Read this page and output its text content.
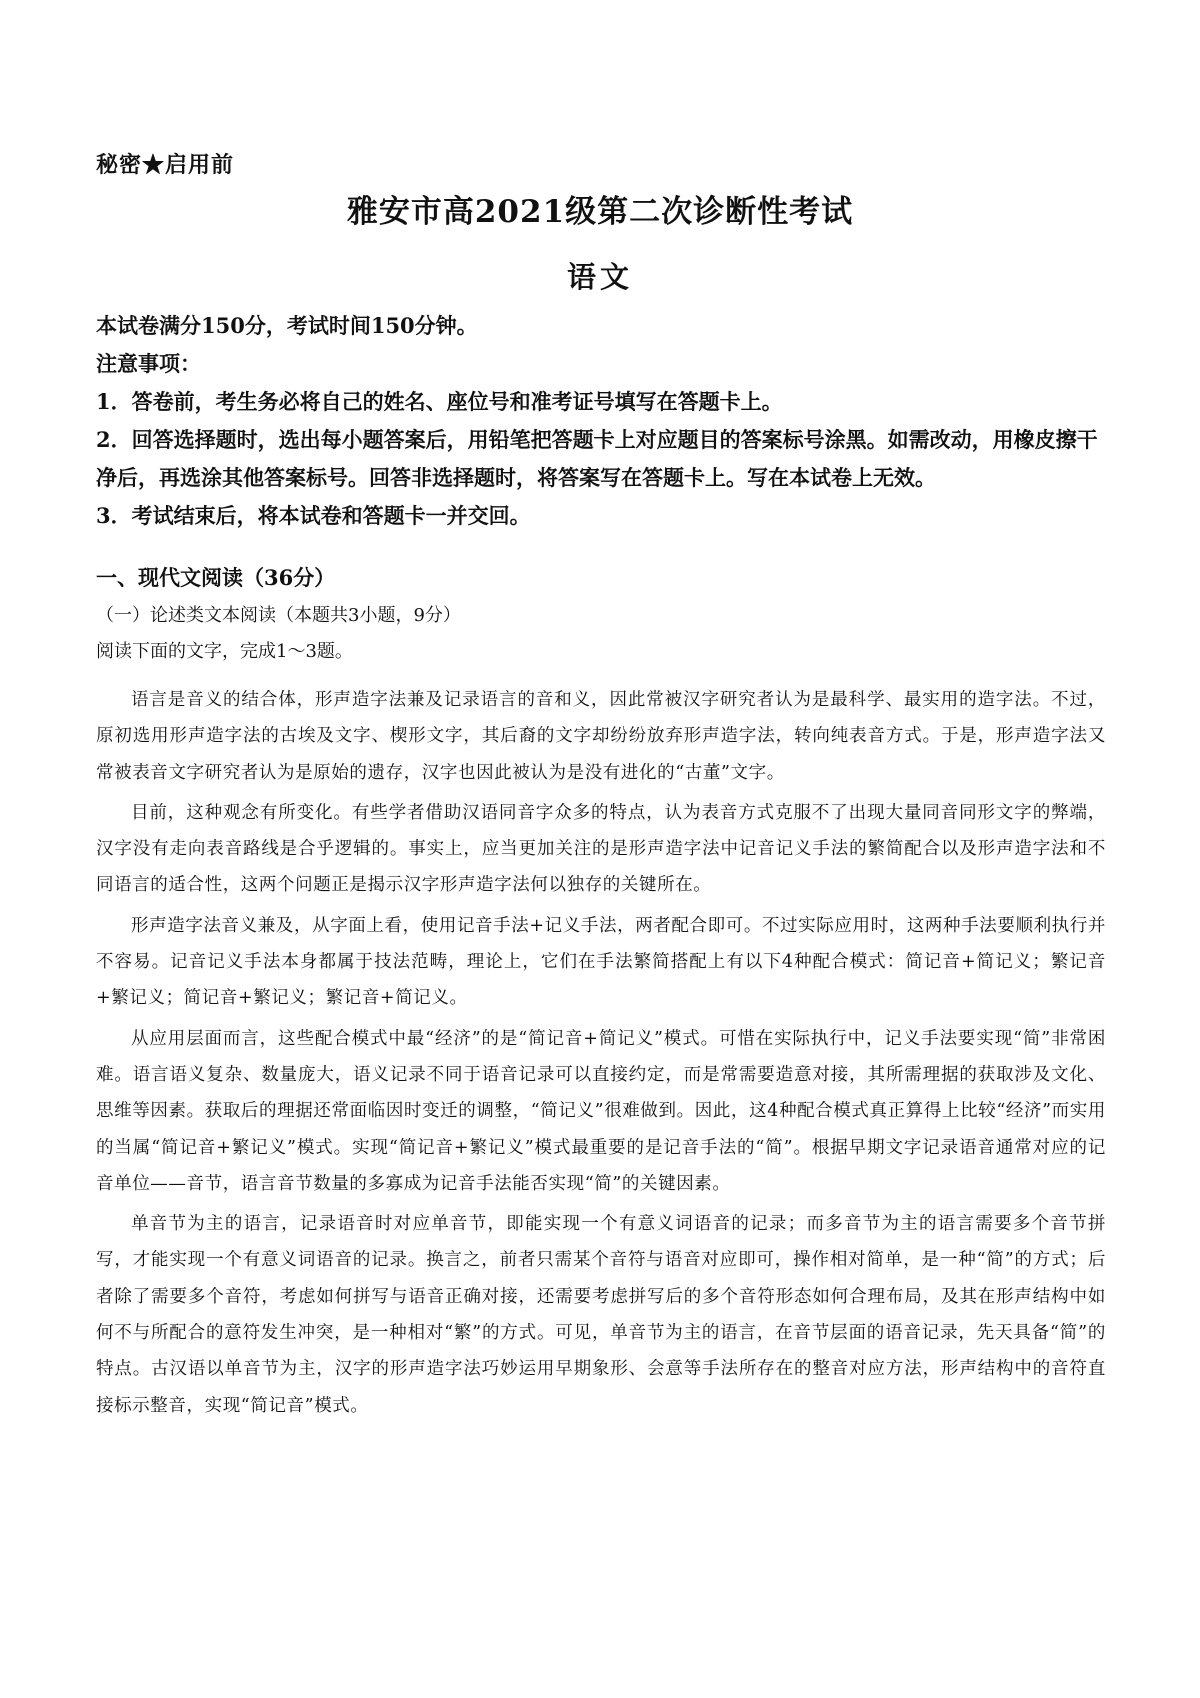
秘密★启用前
雅安市高2021级第二次诊断性考试
语文

本试卷满分150分，考试时间150分钟。

注意事项：

1．答卷前，考生务必将自己的姓名、座位号和准考证号填写在答题卡上。

2．回答选择题时，选出每小题答案后，用铅笔把答题卡上对应题目的答案标号涂黑。如需改动，用橡皮擦干净后，再选涂其他答案标号。回答非选择题时，将答案写在答题卡上。写在本试卷上无效。

3．考试结束后，将本试卷和答题卡一并交回。

一、现代文阅读（36分）
（一）论述类文本阅读（本题共3小题，9分）
阅读下面的文字，完成1～3题。

语言是音义的结合体，形声造字法兼及记录语言的音和义，因此常被汉字研究者认为是最科学、最实用的造字法。不过，原初选用形声造字法的古埃及文字、楔形文字，其后裔的文字却纷纷放弃形声造字法，转向纯表音方式。于是，形声造字法又常被表音文字研究者认为是原始的遗存，汉字也因此被认为是没有进化的“古董”文字。

目前，这种观念有所变化。有些学者借助汉语同音字众多的特点，认为表音方式克服不了出现大量同音同形文字的弊端，汉字没有走向表音路线是合乎逻辑的。事实上，应当更加关注的是形声造字法中记音记义手法的繁简配合以及形声造字法和不同语言的适合性，这两个问题正是揭示汉字形声造字法何以独存的关键所在。

形声造字法音义兼及，从字面上看，使用记音手法+记义手法，两者配合即可。不过实际应用时，这两种手法要顺利执行并不容易。记音记义手法本身都属于技法范畴，理论上，它们在手法繁简搭配上有以下4种配合模式：简记音+简记义；繁记音+繁记义；简记音+繁记义；繁记音+简记义。

从应用层面而言，这些配合模式中最“经济”的是“简记音+简记义”模式。可惜在实际执行中，记义手法要实现“简”非常困难。语言语义复杂、数量庞大，语义记录不同于语音记录可以直接约定，而是常需要造意对接，其所需理据的获取涉及文化、思维等因素。获取后的理据还常面临因时变迁的调整，“简记义”很难做到。因此，这4种配合模式真正算得上比较“经济”而实用的当属“简记音+繁记义”模式。实现“简记音+繁记义”模式最重要的是记音手法的“简”。根据早期文字记录语音通常对应的记音单位——音节，语言音节数量的多寡成为记音手法能否实现“简”的关键因素。

单音节为主的语言，记录语音时对应单音节，即能实现一个有意义词语音的记录；而多音节为主的语言需要多个音节拼写，才能实现一个有意义词语音的记录。换言之，前者只需某个音符与语音对应即可，操作相对简单，是一种“简”的方式；后者除了需要多个音符，考虑如何拼写与语音正确对接，还需要考虑拼写后的多个音符形态如何合理布局，及其在形声结构中如何不与所配合的意符发生冲突，是一种相对“繁”的方式。可见，单音节为主的语言，在音节层面的语音记录，先天具备“简”的特点。古汉语以单音节为主，汉字的形声造字法巧妙运用早期象形、会意等手法所存在的整音对应方法，形声结构中的音符直接标示整音，实现“简记音”模式。
